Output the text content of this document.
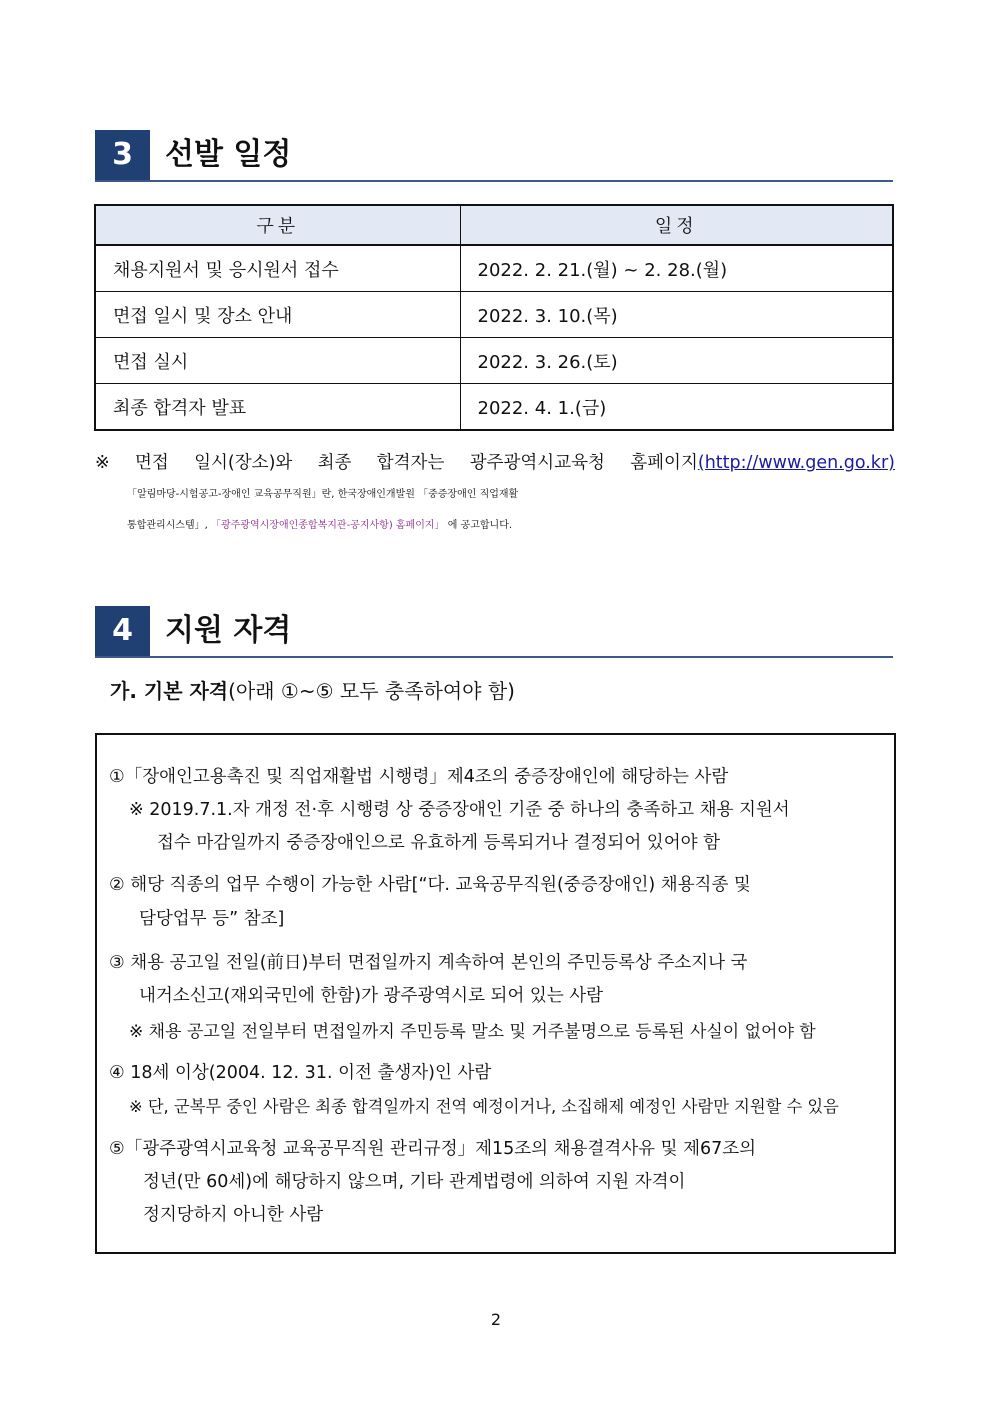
3	선발 일정
구분	일정
채용지원서 및 응시원서 접수	2022. 2. 21.(월) ~ 2. 28.(월)
면접 일시 및 장소 안내	2022. 3. 10.(목)
면접 실시	2022. 3. 26.(토)
최종 합격자 발표	2022. 4. 1.(금)
※ 면접 일시(장소)와 최종 합격자는 광주광역시교육청 홈페이지(http://www.gen.go.kr)
「알림마당-시험공고-장애인 교육공무직원」란, 한국장애인개발원 「중증장애인 직업재활
통합관리시스템」, 「광주광역시장애인종합복지관-공지사항) 홈페이지」 에 공고합니다.
4	지원 자격
가. 기본 자격(아래 ①~⑤ 모두 충족하여야 함)
①「장애인고용촉진 및 직업재활법 시행령」제4조의 중증장애인에 해당하는 사람
※ 2019.7.1.자 개정 전·후 시행령 상 중증장애인 기준 중 하나의 충족하고 채용 지원서
접수 마감일까지 중증장애인으로 유효하게 등록되거나 결정되어 있어야 함
② 해당 직종의 업무 수행이 가능한 사람[“다. 교육공무직원(중증장애인) 채용직종 및
담당업무 등” 참조]
③ 채용 공고일 전일(前日)부터 면접일까지 계속하여 본인의 주민등록상 주소지나 국
내거소신고(재외국민에 한함)가 광주광역시로 되어 있는 사람
※ 채용 공고일 전일부터 면접일까지 주민등록 말소 및 거주불명으로 등록된 사실이 없어야 함
④ 18세 이상(2004. 12. 31. 이전 출생자)인 사람
※ 단, 군복무 중인 사람은 최종 합격일까지 전역 예정이거나, 소집해제 예정인 사람만 지원할 수 있음
⑤「광주광역시교육청 교육공무직원 관리규정」제15조의 채용결격사유 및 제67조의
정년(만 60세)에 해당하지 않으며, 기타 관계법령에 의하여 지원 자격이
정지당하지 아니한 사람
2
